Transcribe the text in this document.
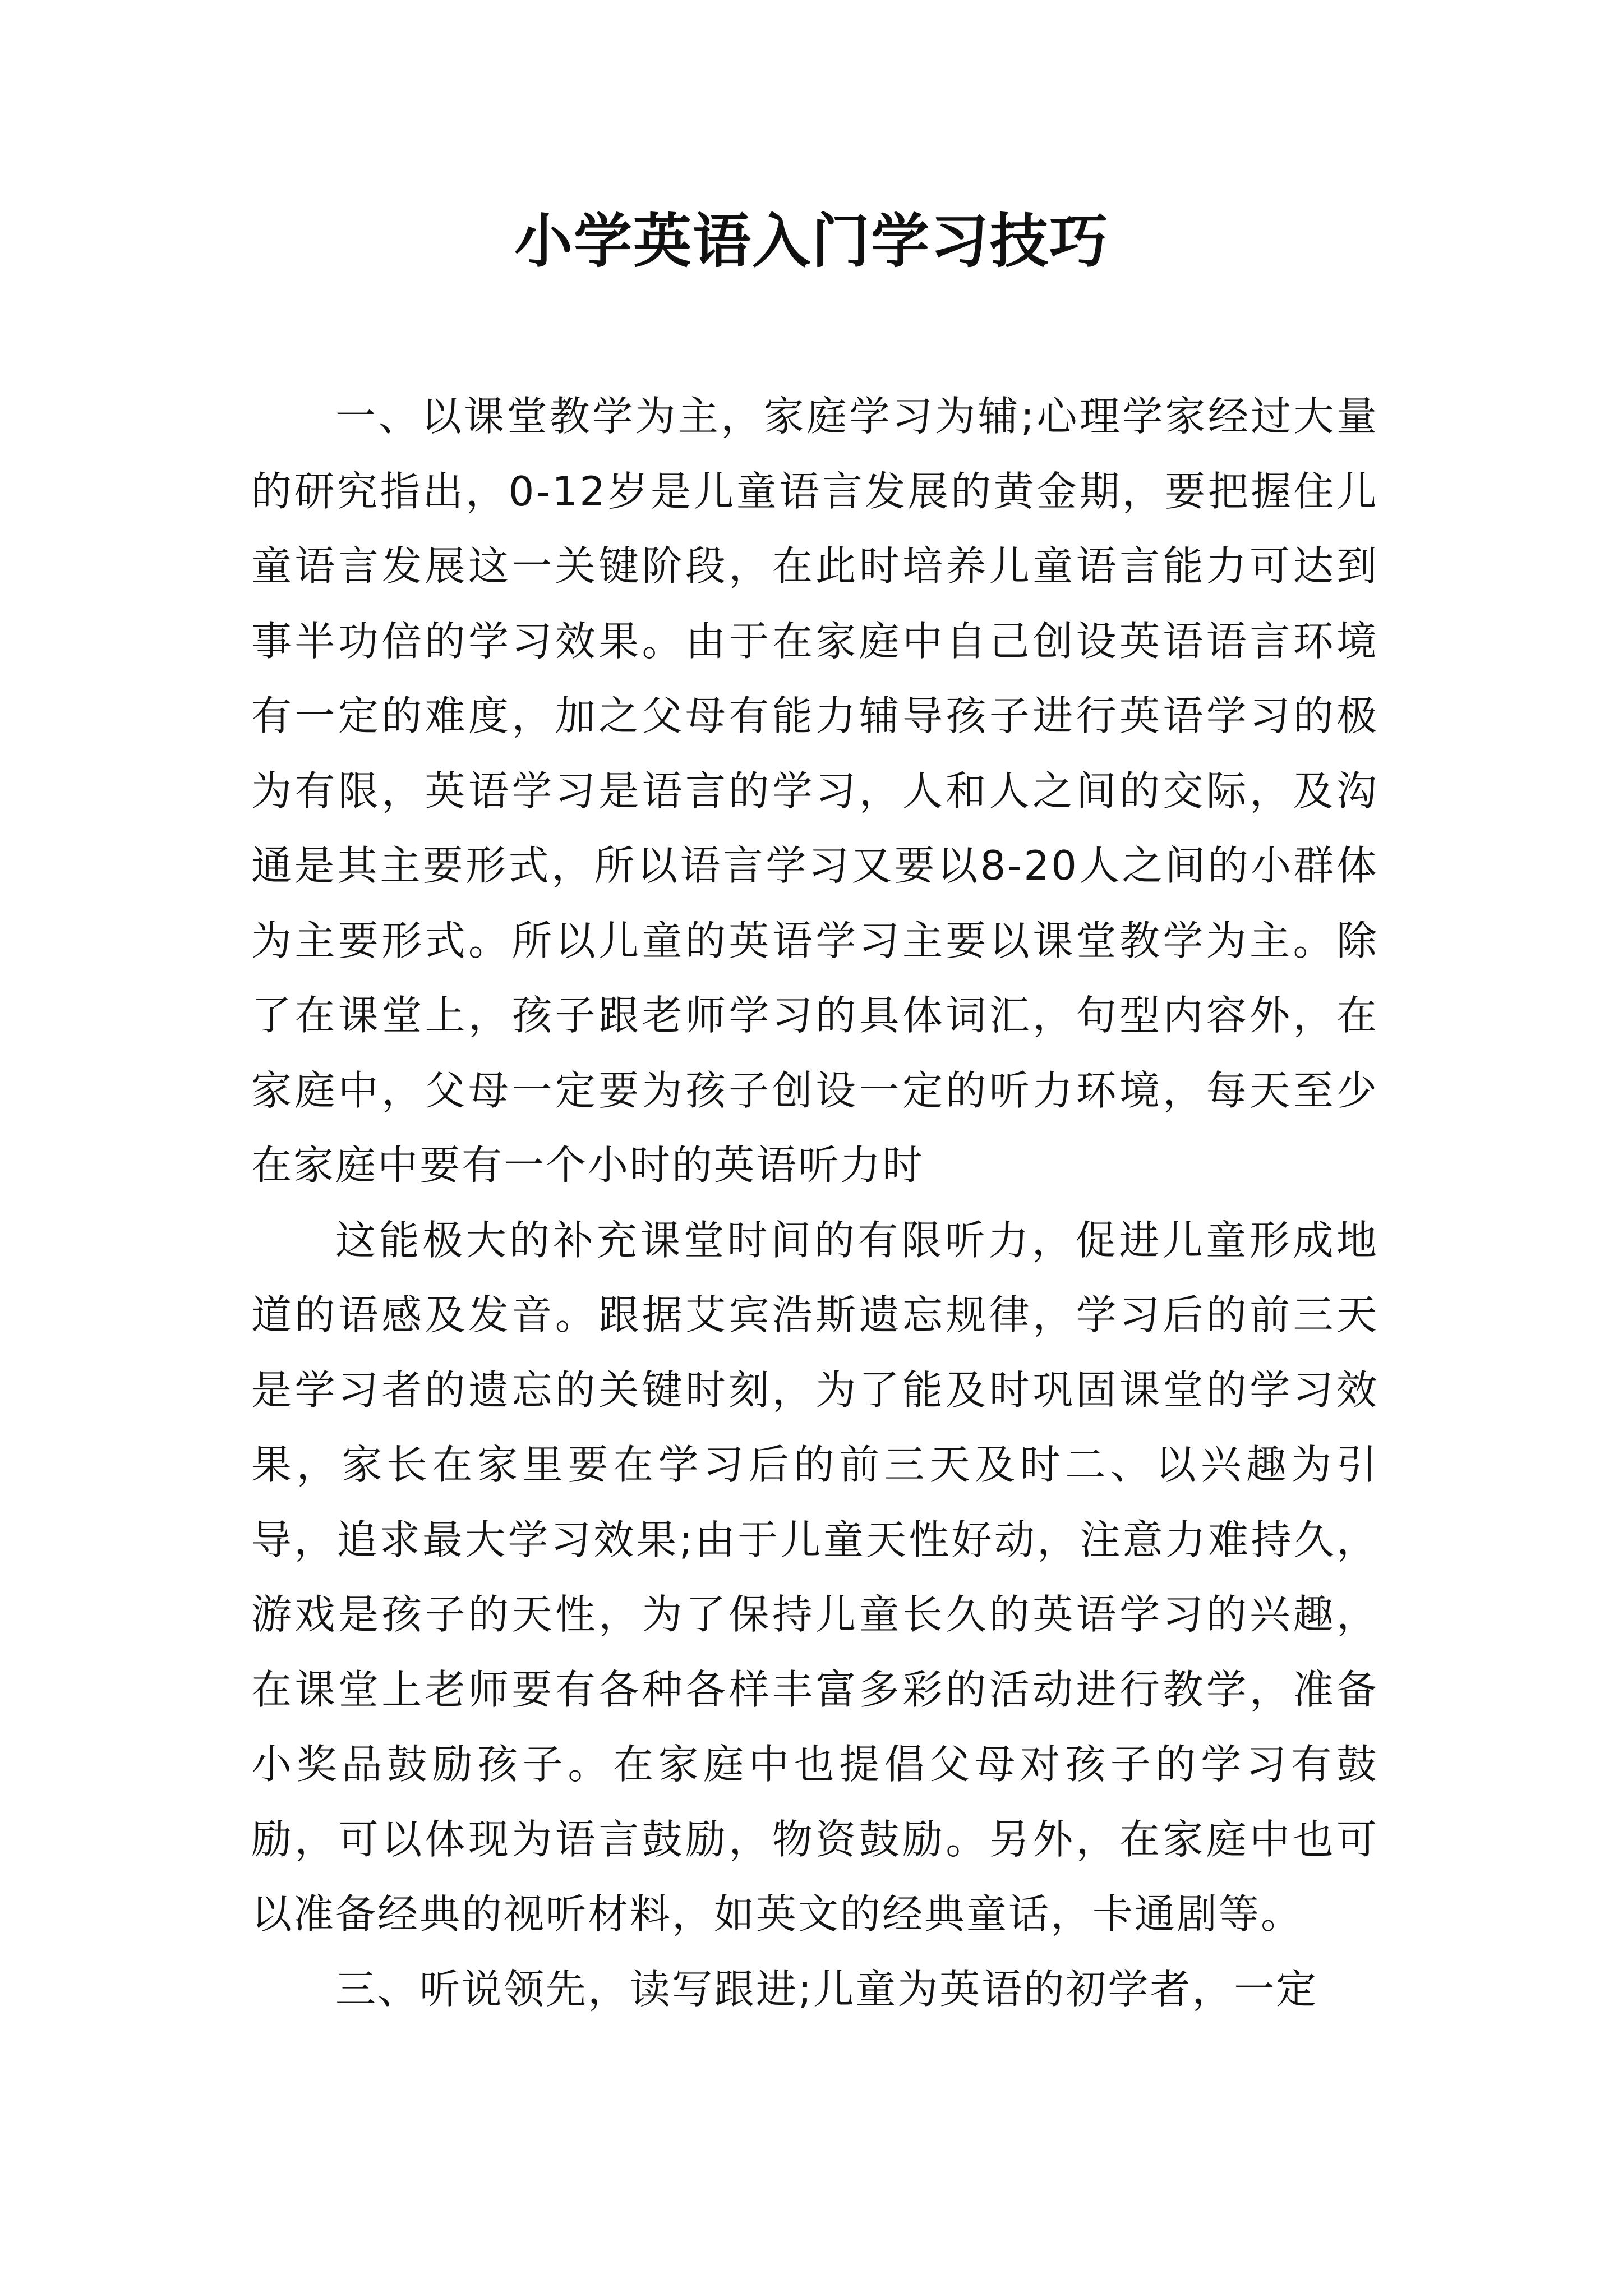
小学英语入门学习技巧

一、以课堂教学为主，家庭学习为辅;心理学家经过大量的研究指出，0-12岁是儿童语言发展的黄金期，要把握住儿童语言发展这一关键阶段，在此时培养儿童语言能力可达到事半功倍的学习效果。由于在家庭中自己创设英语语言环境有一定的难度，加之父母有能力辅导孩子进行英语学习的极为有限，英语学习是语言的学习，人和人之间的交际，及沟通是其主要形式，所以语言学习又要以8-20人之间的小群体为主要形式。所以儿童的英语学习主要以课堂教学为主。除了在课堂上，孩子跟老师学习的具体词汇，句型内容外，在家庭中，父母一定要为孩子创设一定的听力环境，每天至少在家庭中要有一个小时的英语听力时

这能极大的补充课堂时间的有限听力，促进儿童形成地道的语感及发音。跟据艾宾浩斯遗忘规律，学习后的前三天是学习者的遗忘的关键时刻，为了能及时巩固课堂的学习效果，家长在家里要在学习后的前三天及时二、以兴趣为引导，追求最大学习效果;由于儿童天性好动，注意力难持久，游戏是孩子的天性，为了保持儿童长久的英语学习的兴趣，在课堂上老师要有各种各样丰富多彩的活动进行教学，准备小奖品鼓励孩子。在家庭中也提倡父母对孩子的学习有鼓励，可以体现为语言鼓励，物资鼓励。另外，在家庭中也可以准备经典的视听材料，如英文的经典童话，卡通剧等。

三、听说领先，读写跟进;儿童为英语的初学者，一定
